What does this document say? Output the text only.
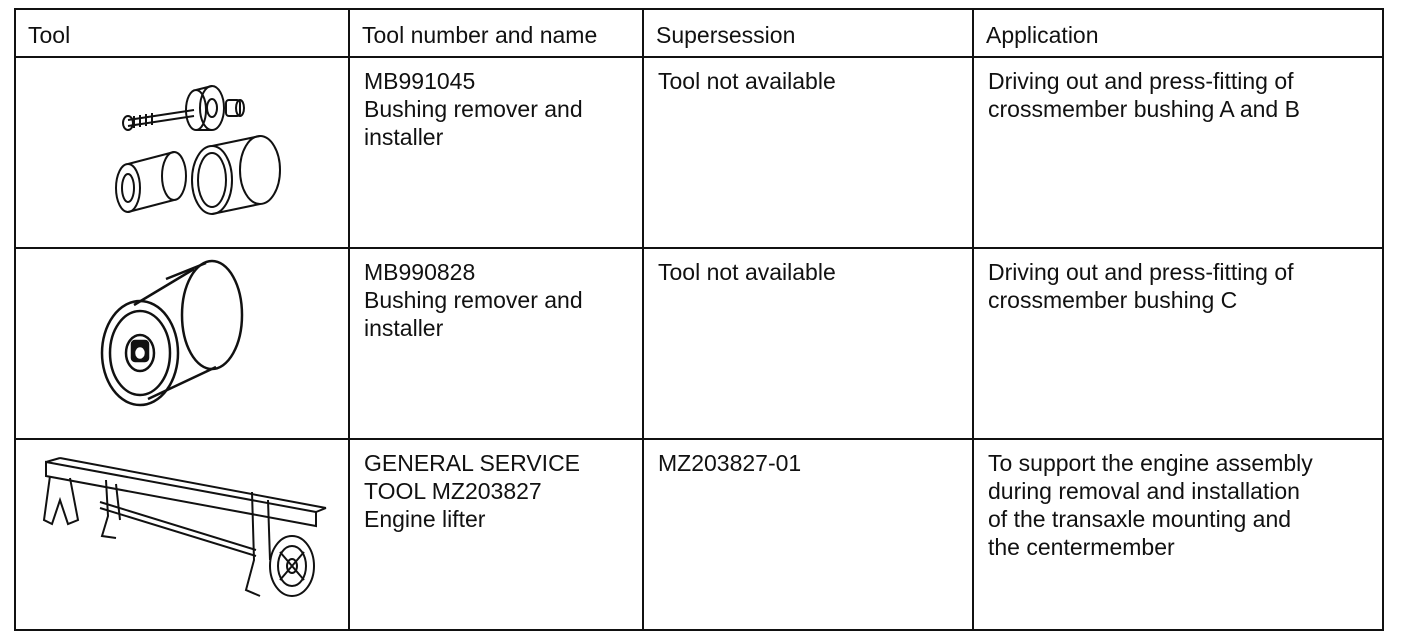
Tool	Tool number and name	Supersession	Application

MB991045
Bushing remover and
installer	Tool not available	Driving out and press-fitting of
crossmember bushing A and B

MB990828
Bushing remover and
installer	Tool not available	Driving out and press-fitting of
crossmember bushing C

GENERAL SERVICE
TOOL MZ203827
Engine lifter	MZ203827-01	To support the engine assembly
during removal and installation
of the transaxle mounting and
the centermember
